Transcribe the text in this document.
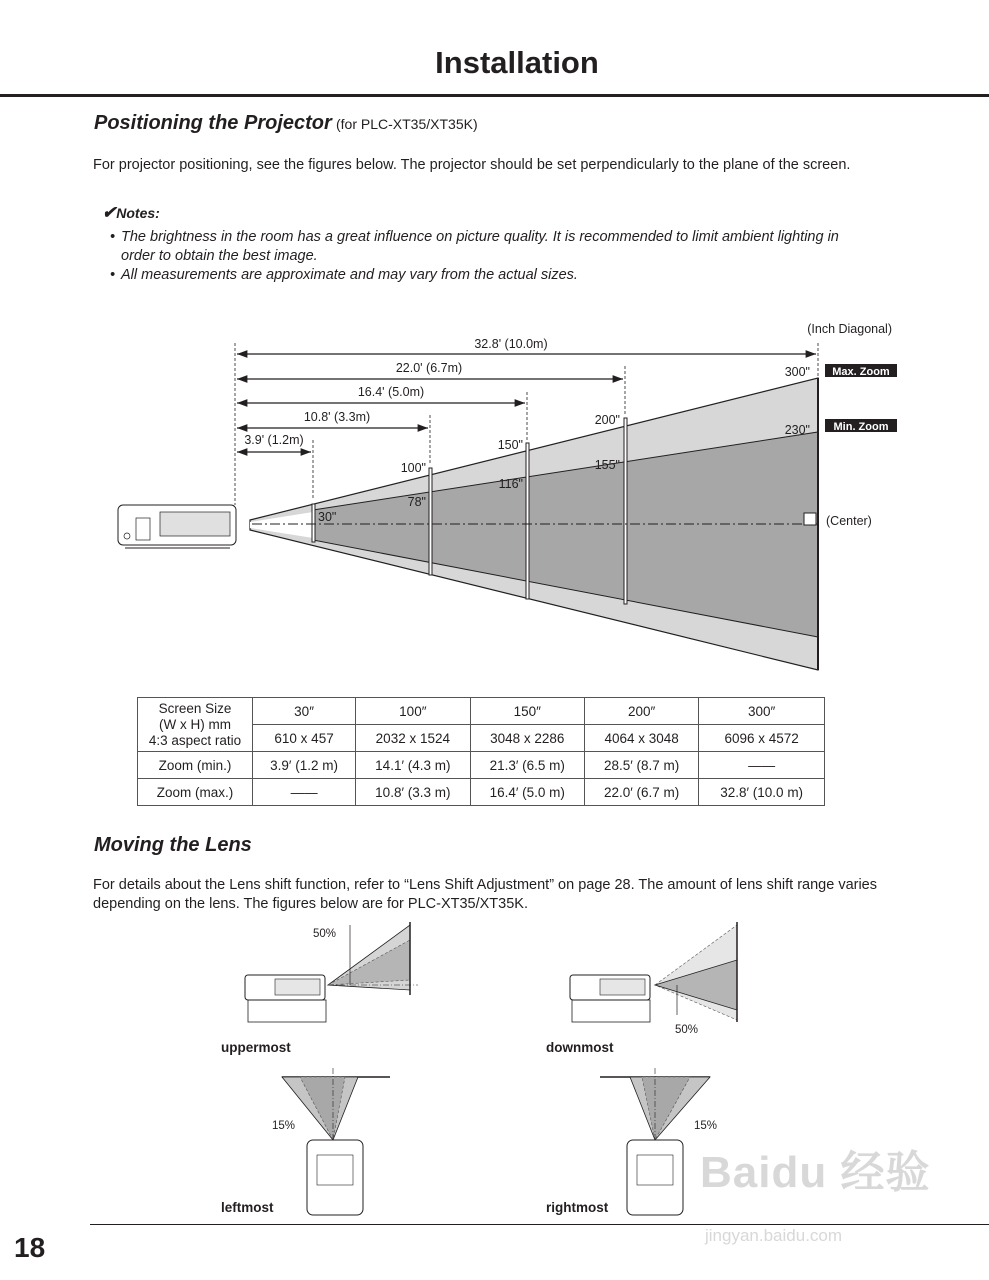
Installation
Positioning the Projector (for PLC-XT35/XT35K)
For projector positioning, see the figures below. The projector should be set perpendicularly to the plane of the screen.
✔Notes:
• The brightness in the room has a great influence on picture quality. It is recommended to limit ambient lighting in order to obtain the best image.
• All measurements are approximate and may vary from the actual sizes.
(Inch Diagonal)
32.8' (10.0m)
22.0' (6.7m)
16.4' (5.0m)
10.8' (3.3m)
3.9' (1.2m)
300"
200"
150"
100"
230"
155"
116"
78"
30"	(Center)
Max. Zoom
Min. Zoom
Screen Size
(W x H) mm
4:3 aspect ratio	30″	100″	150″	200″	300″
	610 x 457	2032 x 1524	3048 x 2286	4064 x 3048	6096 x 4572
Zoom (min.)	3.9′ (1.2 m)	14.1′ (4.3 m)	21.3′ (6.5 m)	28.5′ (8.7 m)	——
Zoom (max.)	——	10.8′ (3.3 m)	16.4′ (5.0 m)	22.0′ (6.7 m)	32.8′ (10.0 m)
Moving the Lens
For details about the Lens shift function, refer to “Lens Shift Adjustment” on page 28. The amount of lens shift range varies depending on the lens. The figures below are for PLC-XT35/XT35K.
50%
50%
15%	15%
uppermost	downmost
leftmost	rightmost
Baidu 经验
jingyan.baidu.com
18
